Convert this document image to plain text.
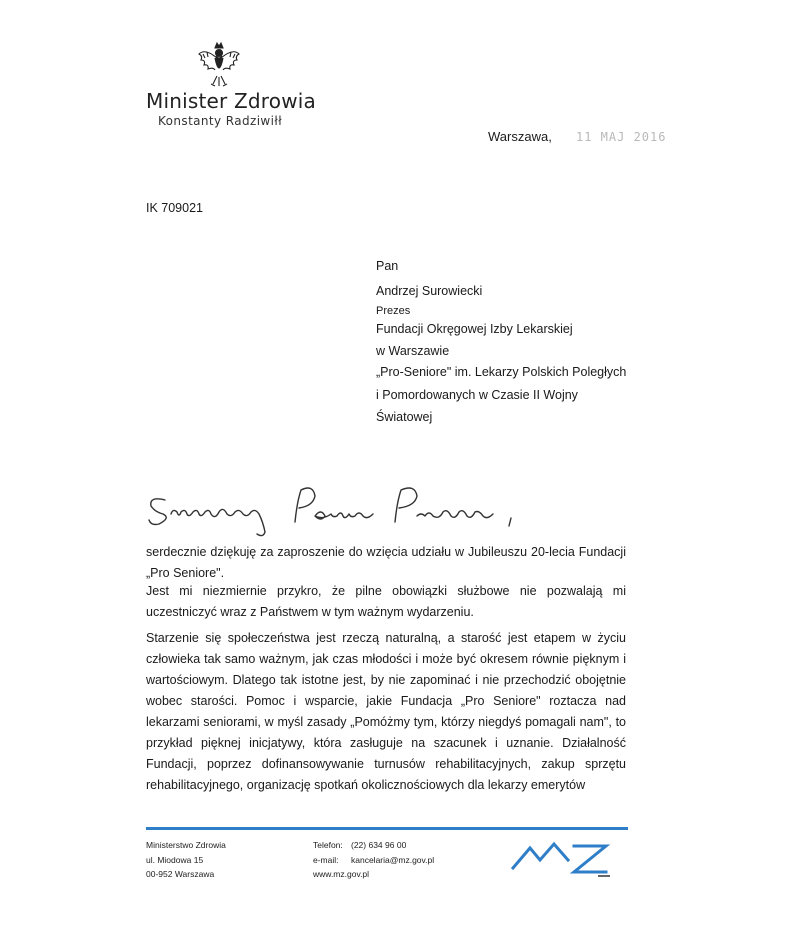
Minister Zdrowia
Konstanty Radziwiłł
Warszawa, 11 MAJ 2016
IK 709021
Pan
Andrzej Surowiecki
Prezes
Fundacji Okręgowej Izby Lekarskiej
w Warszawie
„Pro-Seniore" im. Lekarzy Polskich Poległych
i Pomordowanych w Czasie II Wojny
Światowej
serdecznie dziękuję za zaproszenie do wzięcia udziału w Jubileuszu 20-lecia Fundacji „Pro Seniore".
Jest mi niezmiernie przykro, że pilne obowiązki służbowe nie pozwalają mi uczestniczyć wraz z Państwem w tym ważnym wydarzeniu.
Starzenie się społeczeństwa jest rzeczą naturalną, a starość jest etapem w życiu człowieka tak samo ważnym, jak czas młodości i może być okresem równie pięknym i wartościowym. Dlatego tak istotne jest, by nie zapominać i nie przechodzić obojętnie wobec starości. Pomoc i wsparcie, jakie Fundacja „Pro Seniore" roztacza nad lekarzami seniorami, w myśl zasady „Pomóżmy tym, którzy niegdyś pomagali nam", to przykład pięknej inicjatywy, która zasługuje na szacunek i uznanie. Działalność Fundacji, poprzez dofinansowywanie turnusów rehabilitacyjnych, zakup sprzętu rehabilitacyjnego, organizację spotkań okolicznościowych dla lekarzy emerytów
Ministerstwo Zdrowia
ul. Miodowa 15
00-952 Warszawa
Telefon: (22) 634 96 00
e-mail: kancelaria@mz.gov.pl
www.mz.gov.pl
